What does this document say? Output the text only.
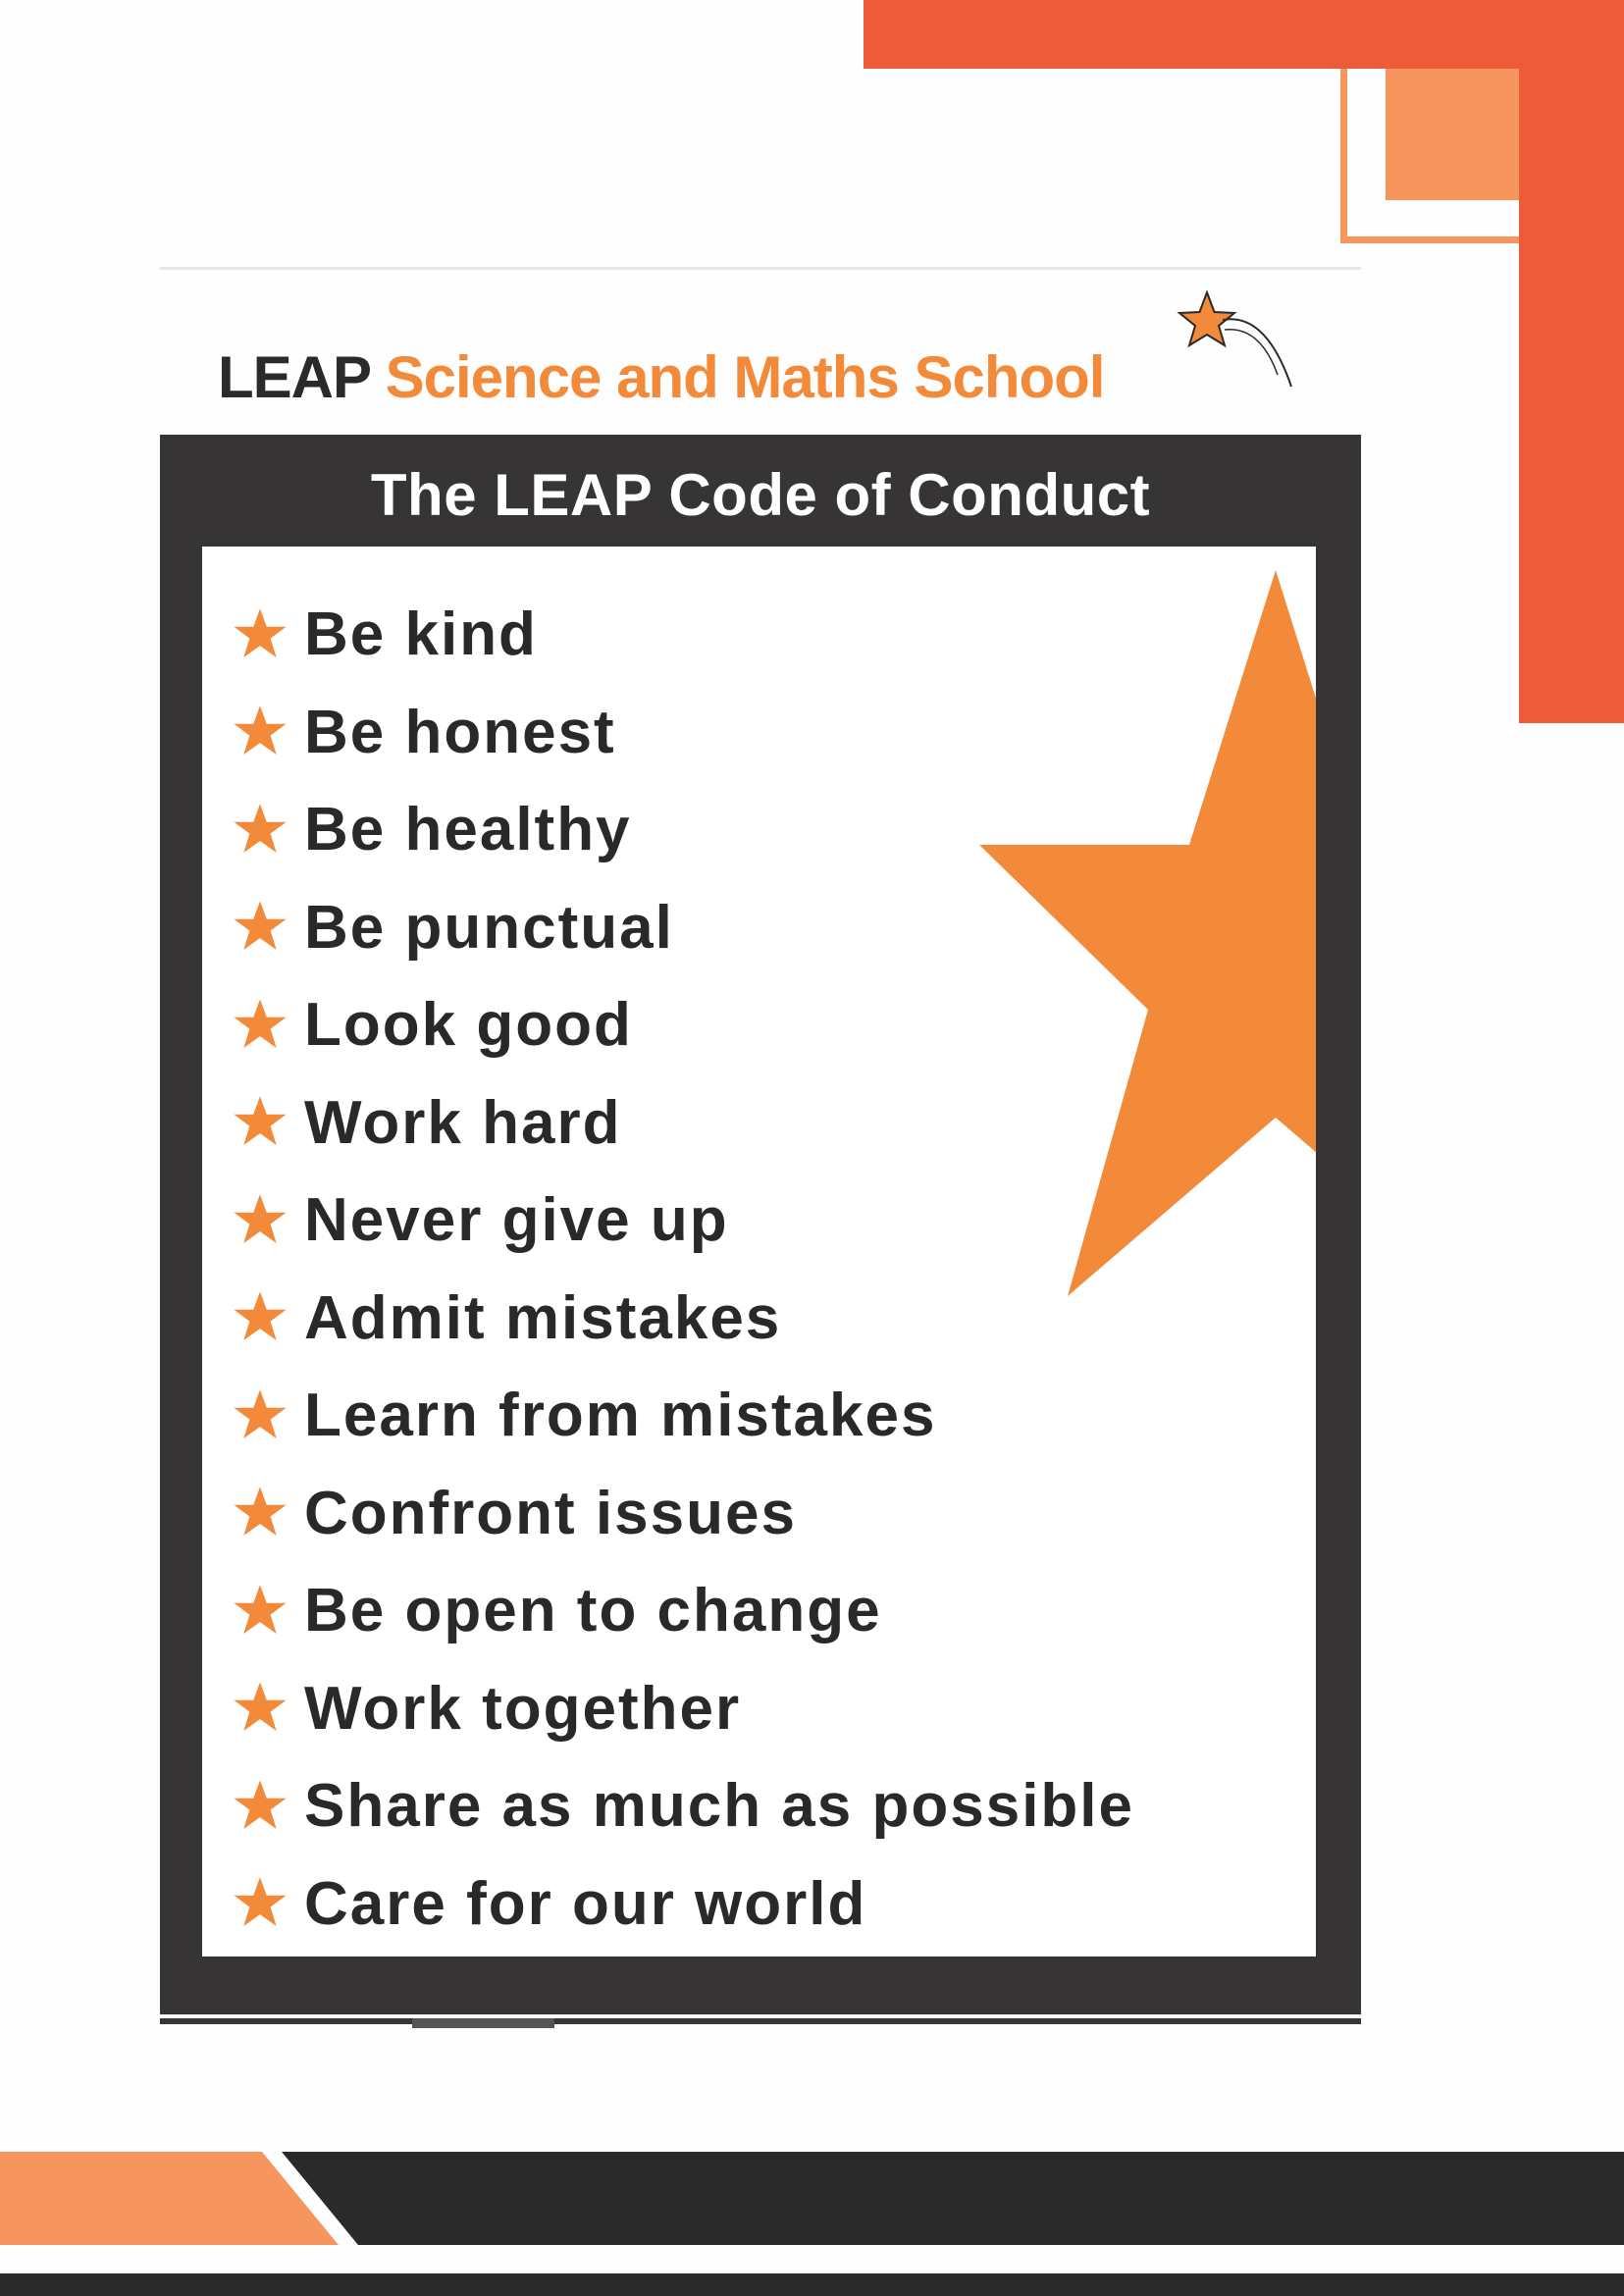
LEAP Science and Maths School
The LEAP Code of Conduct
Be kind
Be honest
Be healthy
Be punctual
Look good
Work hard
Never give up
Admit mistakes
Learn from mistakes
Confront issues
Be open to change
Work together
Share as much as possible
Care for our world
